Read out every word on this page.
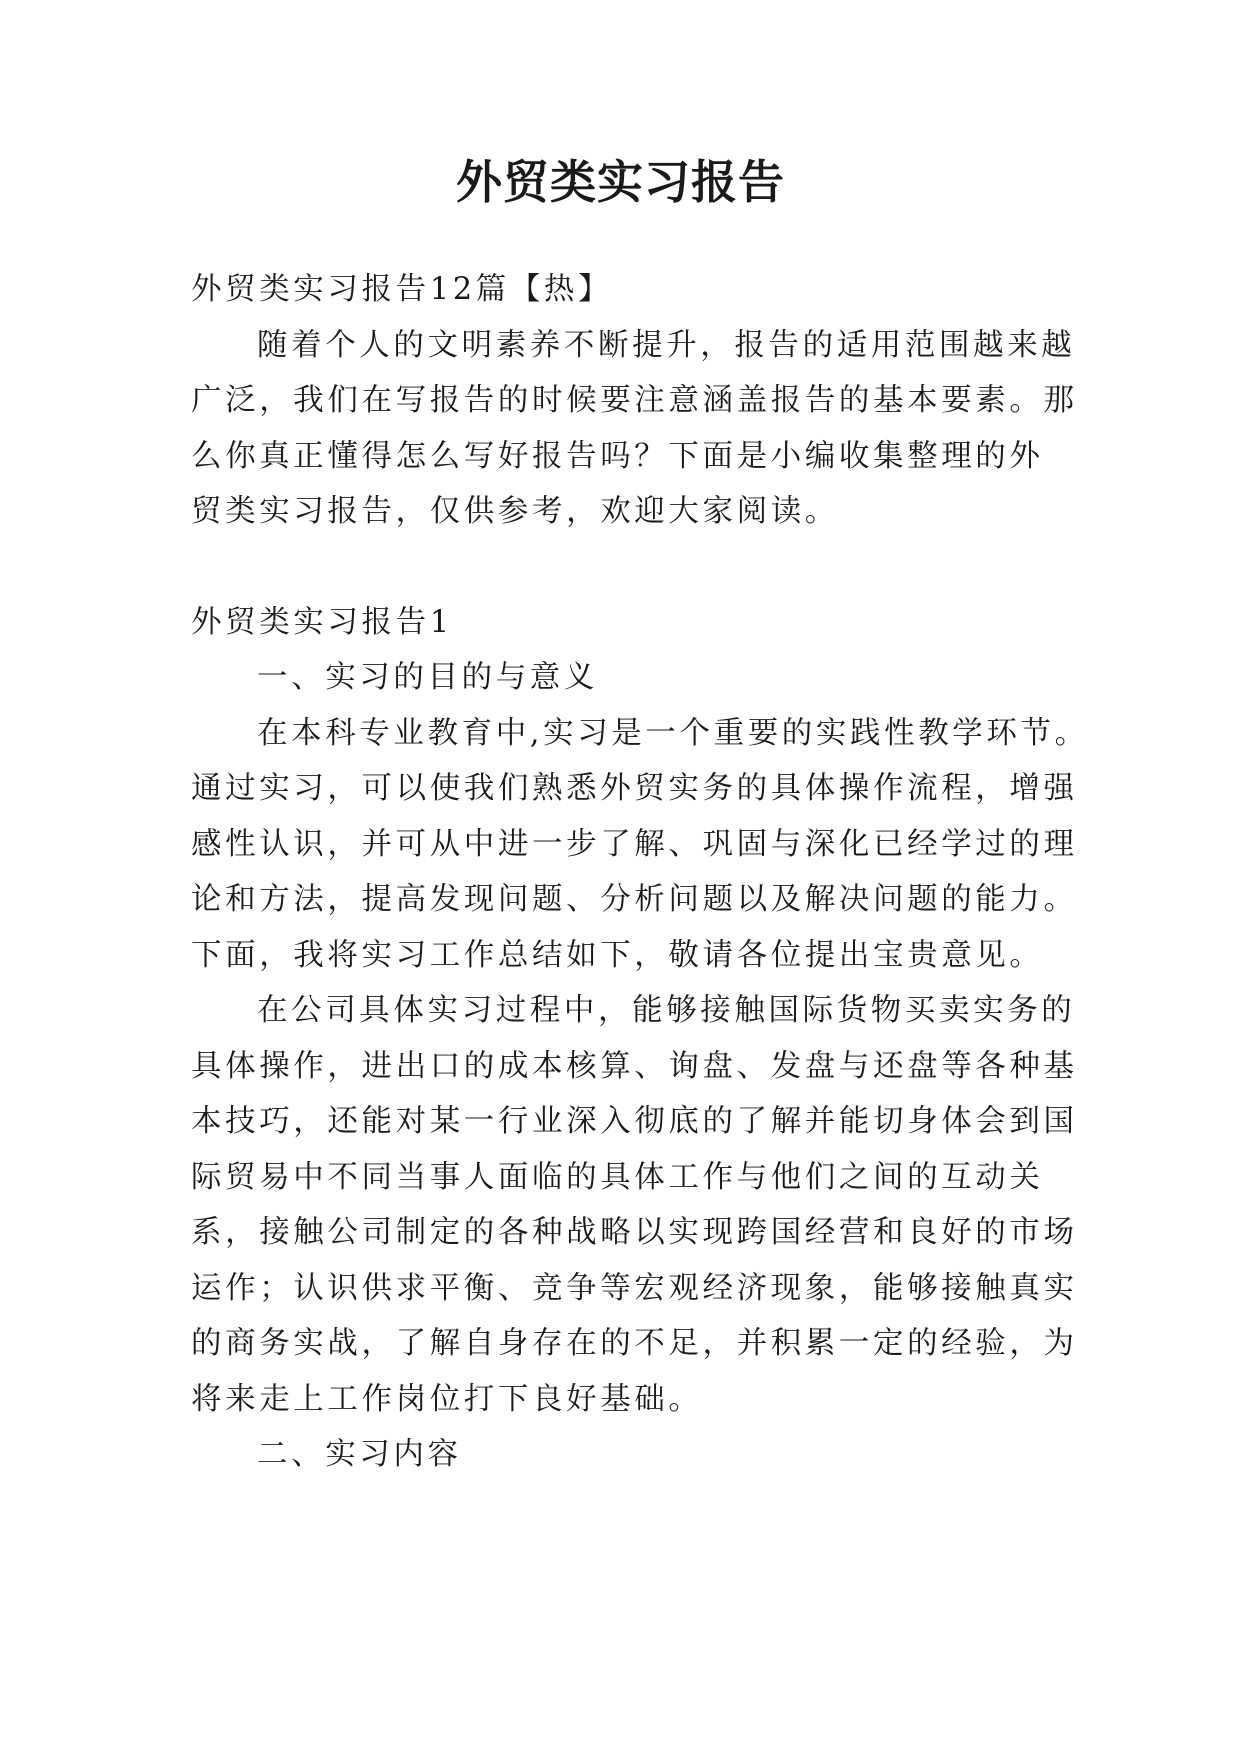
外贸类实习报告

外贸类实习报告12篇【热】

随着个人的文明素养不断提升，报告的适用范围越来越

广泛，我们在写报告的时候要注意涵盖报告的基本要素。那

么你真正懂得怎么写好报告吗？下面是小编收集整理的外

贸类实习报告，仅供参考，欢迎大家阅读。

外贸类实习报告1

一、实习的目的与意义

在本科专业教育中,实习是一个重要的实践性教学环节。

通过实习，可以使我们熟悉外贸实务的具体操作流程，增强

感性认识，并可从中进一步了解、巩固与深化已经学过的理

论和方法，提高发现问题、分析问题以及解决问题的能力。

下面，我将实习工作总结如下，敬请各位提出宝贵意见。

在公司具体实习过程中，能够接触国际货物买卖实务的

具体操作，进出口的成本核算、询盘、发盘与还盘等各种基

本技巧，还能对某一行业深入彻底的了解并能切身体会到国

际贸易中不同当事人面临的具体工作与他们之间的互动关

系，接触公司制定的各种战略以实现跨国经营和良好的市场

运作；认识供求平衡、竞争等宏观经济现象，能够接触真实

的商务实战，了解自身存在的不足，并积累一定的经验，为

将来走上工作岗位打下良好基础。

二、实习内容
